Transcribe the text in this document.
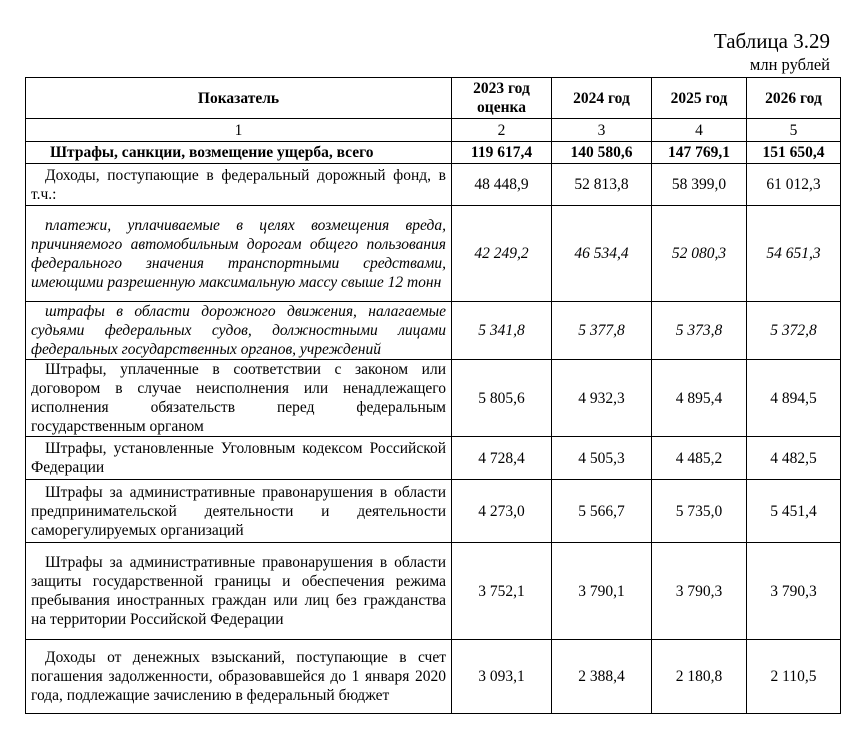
Таблица 3.29
млн рублей
Показатель	2023 год оценка	2024 год	2025 год	2026 год
1	2	3	4	5
Штрафы, санкции, возмещение ущерба, всего	119 617,4	140 580,6	147 769,1	151 650,4
Доходы, поступающие в федеральный дорожный фонд, в т.ч.:	48 448,9	52 813,8	58 399,0	61 012,3
платежи, уплачиваемые в целях возмещения вреда, причиняемого автомобильным дорогам общего пользования федерального значения транспортными средствами, имеющими разрешенную максимальную массу свыше 12 тонн	42 249,2	46 534,4	52 080,3	54 651,3
штрафы в области дорожного движения, налагаемые судьями федеральных судов, должностными лицами федеральных государственных органов, учреждений	5 341,8	5 377,8	5 373,8	5 372,8
Штрафы, уплаченные в соответствии с законом или договором в случае неисполнения или ненадлежащего исполнения обязательств перед федеральным государственным органом	5 805,6	4 932,3	4 895,4	4 894,5
Штрафы, установленные Уголовным кодексом Российской Федерации	4 728,4	4 505,3	4 485,2	4 482,5
Штрафы за административные правонарушения в области предпринимательской деятельности и деятельности саморегулируемых организаций	4 273,0	5 566,7	5 735,0	5 451,4
Штрафы за административные правонарушения в области защиты государственной границы и обеспечения режима пребывания иностранных граждан или лиц без гражданства на территории Российской Федерации	3 752,1	3 790,1	3 790,3	3 790,3
Доходы от денежных взысканий, поступающие в счет погашения задолженности, образовавшейся до 1 января 2020 года, подлежащие зачислению в федеральный бюджет	3 093,1	2 388,4	2 180,8	2 110,5
